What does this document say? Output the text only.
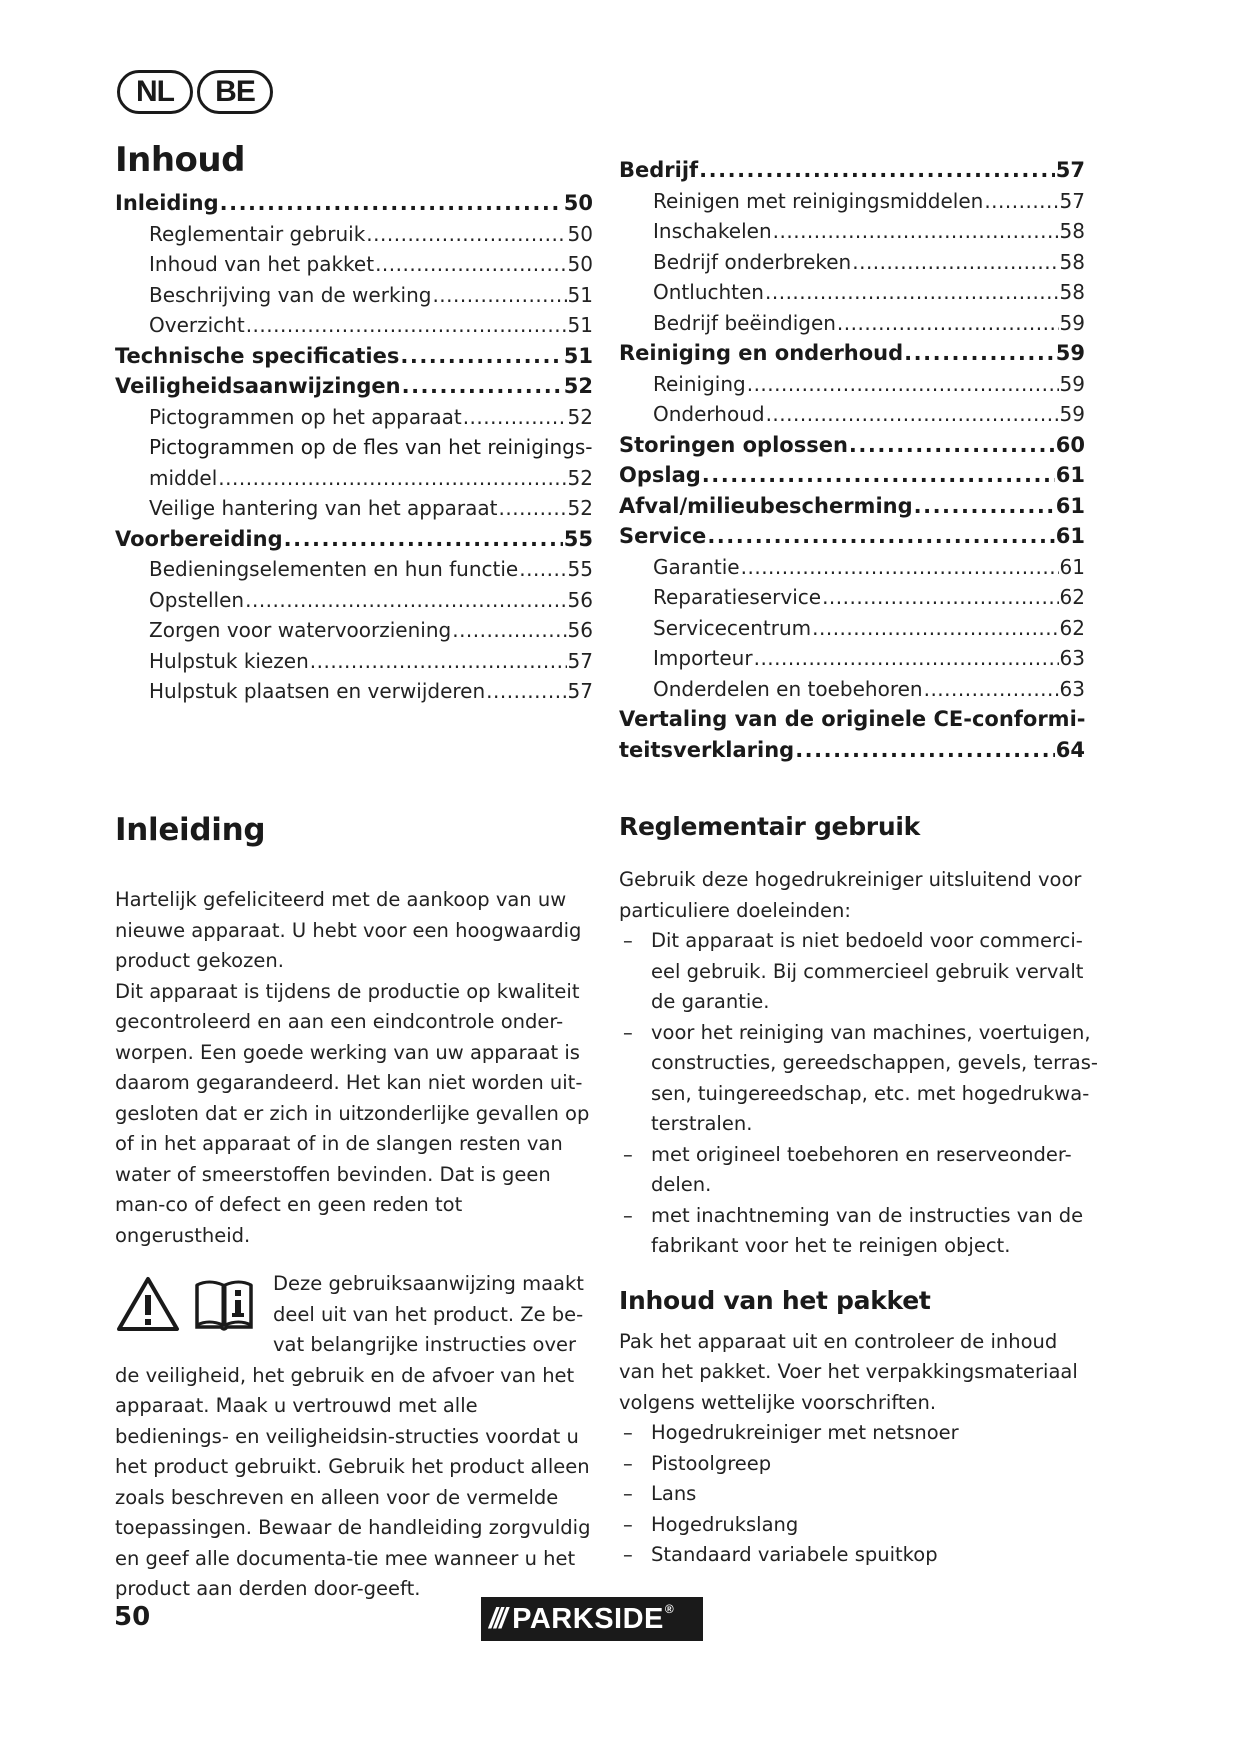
NL	BE
Inhoud
Inleiding .....	50
Reglementair gebruik .....	50
Inhoud van het pakket .....	50
Beschrijving van de werking .....	51
Overzicht .....	51
Technische specificaties .....	51
Veiligheidsaanwijzingen .....	52
Pictogrammen op het apparaat .....	52
Pictogrammen op de fles van het reinigings-
middel .....	52
Veilige hantering van het apparaat .....	52
Voorbereiding .....	55
Bedieningselementen en hun functie ..... 55
Opstellen .....	56
Zorgen voor watervoorziening .....	56
Hulpstuk kiezen .....	57
Hulpstuk plaatsen en verwijderen .....	57
Bedrijf .....	57
Reinigen met reinigingsmiddelen .....	57
Inschakelen .....	58
Bedrijf onderbreken .....	58
Ontluchten .....	58
Bedrijf beëindigen .....	59
Reiniging en onderhoud .....	59
Reiniging .....	59
Onderhoud .....	59
Storingen oplossen .....	60
Opslag .....	61
Afval/milieubescherming .....	61
Service .....	61
Garantie .....	61
Reparatieservice .....	62
Servicecentrum .....	62
Importeur .....	63
Onderdelen en toebehoren .....	63
Vertaling van de originele CE-conformi-
teitsverklaring .....	64
Inleiding

Hartelijk gefeliciteerd met de aankoop van uw nieuwe apparaat. U hebt voor een hoogwaardig product gekozen.

Dit apparaat is tijdens de productie op kwaliteit gecontroleerd en aan een eindcontrole onder-worpen. Een goede werking van uw apparaat is daarom gegarandeerd. Het kan niet worden uit-gesloten dat er zich in uitzonderlijke gevallen op of in het apparaat of in de slangen resten van water of smeerstoffen bevinden. Dat is geen man-co of defect en geen reden tot ongerustheid.

Deze gebruiksaanwijzing maakt deel uit van het product. Ze be-vat belangrijke instructies over de veiligheid, het gebruik en de afvoer van het apparaat. Maak u vertrouwd met alle bedienings- en veiligheidsin-structies voordat u het product gebruikt. Gebruik het product alleen zoals beschreven en alleen voor de vermelde toepassingen. Bewaar de handleiding zorgvuldig en geef alle documenta-tie mee wanneer u het product aan derden door-geeft.

Reglementair gebruik

Gebruik deze hogedrukreiniger uitsluitend voor particuliere doeleinden:

– Dit apparaat is niet bedoeld voor commerci-eel gebruik. Bij commercieel gebruik vervalt de garantie.
– voor het reiniging van machines, voertuigen, constructies, gereedschappen, gevels, terras-sen, tuingereedschap, etc. met hogedrukwa-terstralen.
– met origineel toebehoren en reserveonder-delen.
– met inachtneming van de instructies van de fabrikant voor het te reinigen object.
Inhoud van het pakket

Pak het apparaat uit en controleer de inhoud van het pakket. Voer het verpakkingsmateriaal volgens wettelijke voorschriften.

– Hogedrukreiniger met netsnoer
– Pistoolgreep
– Lans
– Hogedrukslang
– Standaard variabele spuitkop
50	/// PARKSIDE ®
